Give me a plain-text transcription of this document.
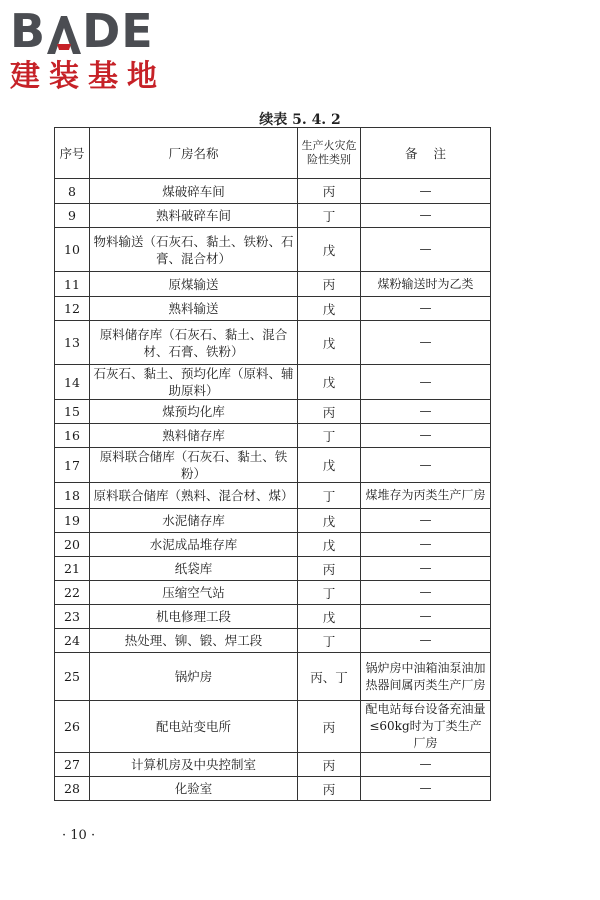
B DE
建装基地
续表 5. 4. 2
序号	厂房名称	生产火灾危险性类别	备    注
8	煤破碎车间	丙	—
9	熟料破碎车间	丁	—
10	物料输送（石灰石、黏土、铁粉、石膏、混合材）	戊	—
11	原煤输送	丙	煤粉输送时为乙类
12	熟料输送	戊	—
13	原料储存库（石灰石、黏土、混合材、石膏、铁粉）	戊	—
14	石灰石、黏土、预均化库（原料、辅助原料）	戊	—
15	煤预均化库	丙	—
16	熟料储存库	丁	—
17	原料联合储库（石灰石、黏土、铁粉）	戊	—
18	原料联合储库（熟料、混合材、煤）	丁	煤堆存为丙类生产厂房
19	水泥储存库	戊	—
20	水泥成品堆存库	戊	—
21	纸袋库	丙	—
22	压缩空气站	丁	—
23	机电修理工段	戊	—
24	热处理、铆、锻、焊工段	丁	—
25	锅炉房	丙、丁	锅炉房中油箱油泵油加热器间属丙类生产厂房
26	配电站变电所	丙	配电站每台设备充油量≤60kg时为丁类生产厂房
27	计算机房及中央控制室	丙	—
28	化验室	丙	—
· 10 ·
